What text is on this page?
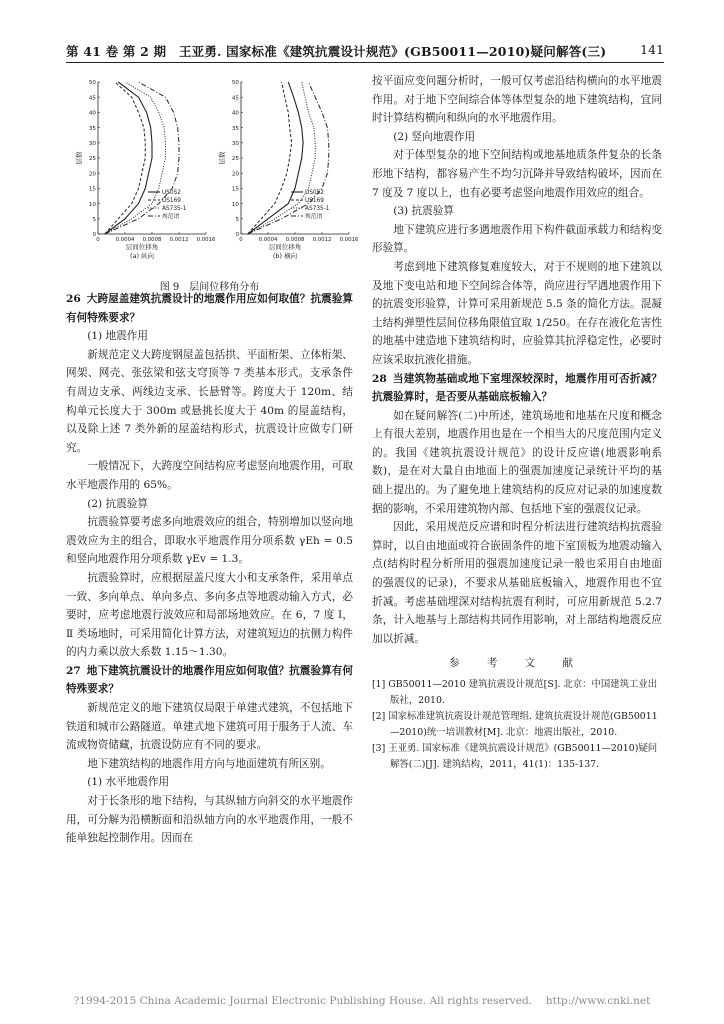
第 41 卷 第 2 期　王亚勇. 国家标准《建筑抗震设计规范》(GB50011—2010)疑问解答(三)	141
0
5
10
15
20
25
30
35
40
45
50
0	0.0004 0.0008 0.0012 0.0016
层数
层间位移角
(a) 纵向
US052
US169
AS735-1
规范谱
0
5
10
15
20
25
30
35
40
45
50
0	0.0004 0.0008 0.0012 0.0016
层数
层间位移角
(b) 横向
US052
US169
AS735-1
规范谱
图 9　层间位移角分布

26 大跨屋盖建筑抗震设计的地震作用应如何取值？抗震验算有何特殊要求？

(1) 地震作用

新规范定义大跨度钢屋盖包括拱、平面桁架、立体桁架、网架、网壳、张弦梁和弦支穹顶等 7 类基本形式。支承条件有周边支承、两线边支承、长悬臂等。跨度大于 120m、结构单元长度大于 300m 或悬挑长度大于 40m 的屋盖结构，以及除上述 7 类外新的屋盖结构形式，抗震设计应做专门研究。

一般情况下，大跨度空间结构应考虑竖向地震作用，可取水平地震作用的 65%。

(2) 抗震验算

抗震验算要考虑多向地震效应的组合，特别增加以竖向地震效应为主的组合，即取水平地震作用分项系数 γEh = 0.5 和竖向地震作用分项系数 γEv = 1.3。

抗震验算时，应根据屋盖尺度大小和支承条件，采用单点一致、多向单点、单向多点、多向多点等地震动输入方式，必要时，应考虑地震行波效应和局部场地效应。在 6，7 度 Ⅰ，Ⅱ 类场地时，可采用简化计算方法，对建筑短边的抗侧力构件的内力乘以放大系数 1.15～1.30。

27 地下建筑抗震设计的地震作用应如何取值？抗震验算有何特殊要求？

新规范定义的地下建筑仅局限于单建式建筑，不包括地下铁道和城市公路隧道。单建式地下建筑可用于服务于人流、车流或物资储藏，抗震设防应有不同的要求。

地下建筑结构的地震作用方向与地面建筑有所区别。

(1) 水平地震作用

对于长条形的地下结构，与其纵轴方向斜交的水平地震作用，可分解为沿横断面和沿纵轴方向的水平地震作用，一般不能单独起控制作用。因而在

按平面应变问题分析时，一般可仅考虑沿结构横向的水平地震作用。对于地下空间综合体等体型复杂的地下建筑结构，宜同时计算结构横向和纵向的水平地震作用。

(2) 竖向地震作用

对于体型复杂的地下空间结构或地基地质条件复杂的长条形地下结构，都容易产生不均匀沉降并导致结构破坏，因而在 7 度及 7 度以上，也有必要考虑竖向地震作用效应的组合。

(3) 抗震验算

地下建筑应进行多遇地震作用下构件截面承载力和结构变形验算。

考虑到地下建筑修复难度较大，对于不规则的地下建筑以及地下变电站和地下空间综合体等，尚应进行罕遇地震作用下的抗震变形验算，计算可采用新规范 5.5 条的简化方法。混凝土结构弹塑性层间位移角限值宜取 1/250。在存在液化危害性的地基中建造地下建筑结构时，应验算其抗浮稳定性，必要时应该采取抗液化措施。

28 当建筑物基础或地下室埋深较深时，地震作用可否折减？抗震验算时，是否要从基础底板输入？

如在疑问解答(二)中所述，建筑场地和地基在尺度和概念上有很大差别，地震作用也是在一个相当大的尺度范围内定义的。我国《建筑抗震设计规范》的设计反应谱(地震影响系数)，是在对大量自由地面上的强震加速度记录统计平均的基础上提出的。为了避免地上建筑结构的反应对记录的加速度数据的影响，不采用建筑物内部、包括地下室的强震仪记录。

因此，采用规范反应谱和时程分析法进行建筑结构抗震验算时，以自由地面或符合嵌固条件的地下室顶板为地震动输入点(结构时程分析所用的强震加速度记录一般也采用自由地面的强震仪的记录)，不要求从基础底板输入，地震作用也不宜折减。考虑基础埋深对结构抗震有利时，可应用新规范 5.2.7 条，计入地基与上部结构共同作用影响，对上部结构地震反应加以折减。

参 考 文 献

[1] GB50011—2010 建筑抗震设计规范[S]. 北京：中国建筑工业出版社，2010.

[2] 国家标准建筑抗震设计规范管理组. 建筑抗震设计规范(GB50011—2010)统一培训教材[M]. 北京：地震出版社，2010.

[3] 王亚勇. 国家标准《建筑抗震设计规范》(GB50011—2010)疑问解答(二)[J]. 建筑结构，2011，41(1)：135-137.

?1994-2015 China Academic Journal Electronic Publishing House. All rights reserved.　 http://www.cnki.net
